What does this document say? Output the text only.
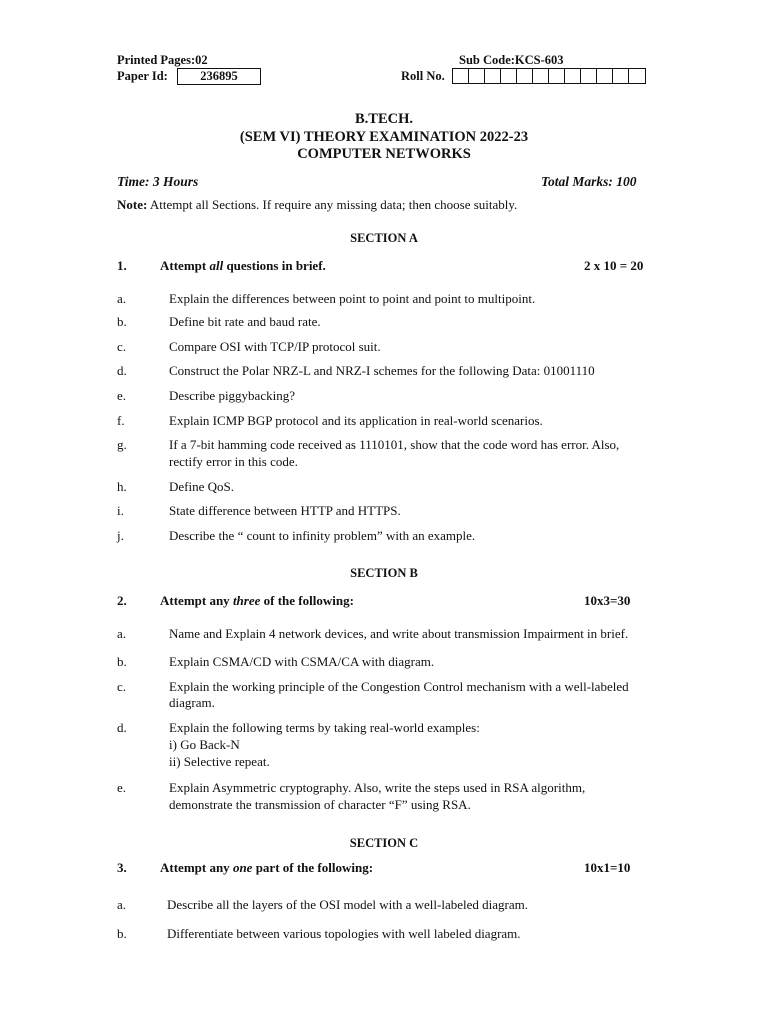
Printed Pages:02	Sub Code:KCS-603
Paper Id:	236895	Roll No.
B.TECH.
(SEM VI) THEORY EXAMINATION 2022-23
COMPUTER NETWORKS
Time: 3 Hours	Total Marks: 100
Note: Attempt all Sections. If require any missing data; then choose suitably.
SECTION A
1.	Attempt all questions in brief.	2 x 10 = 20
a.	Explain the differences between point to point and point to multipoint.
b.	Define bit rate and baud rate.
c.	Compare OSI with TCP/IP protocol suit.
d.	Construct the Polar NRZ-L and NRZ-I schemes for the following Data: 01001110
e.	Describe piggybacking?
f.	Explain ICMP BGP protocol and its application in real-world scenarios.
g.	If a 7-bit hamming code received as 1110101, show that the code word has error. Also,
rectify error in this code.
h.	Define QoS.
i.	State difference between HTTP and HTTPS.
j.	Describe the “ count to infinity problem” with an example.
SECTION B
2.	Attempt any three of the following:	10x3=30
a.	Name and Explain 4 network devices, and write about transmission Impairment in brief.
b.	Explain CSMA/CD with CSMA/CA with diagram.
c.	Explain the working principle of the Congestion Control mechanism with a well-labeled
diagram.
d.	Explain the following terms by taking real-world examples:
i) Go Back-N
ii) Selective repeat.
e.	Explain Asymmetric cryptography. Also, write the steps used in RSA algorithm,
demonstrate the transmission of character “F” using RSA.
SECTION C
3.	Attempt any one part of the following:	10x1=10
a.	Describe all the layers of the OSI model with a well-labeled diagram.
b.	Differentiate between various topologies with well labeled diagram.
